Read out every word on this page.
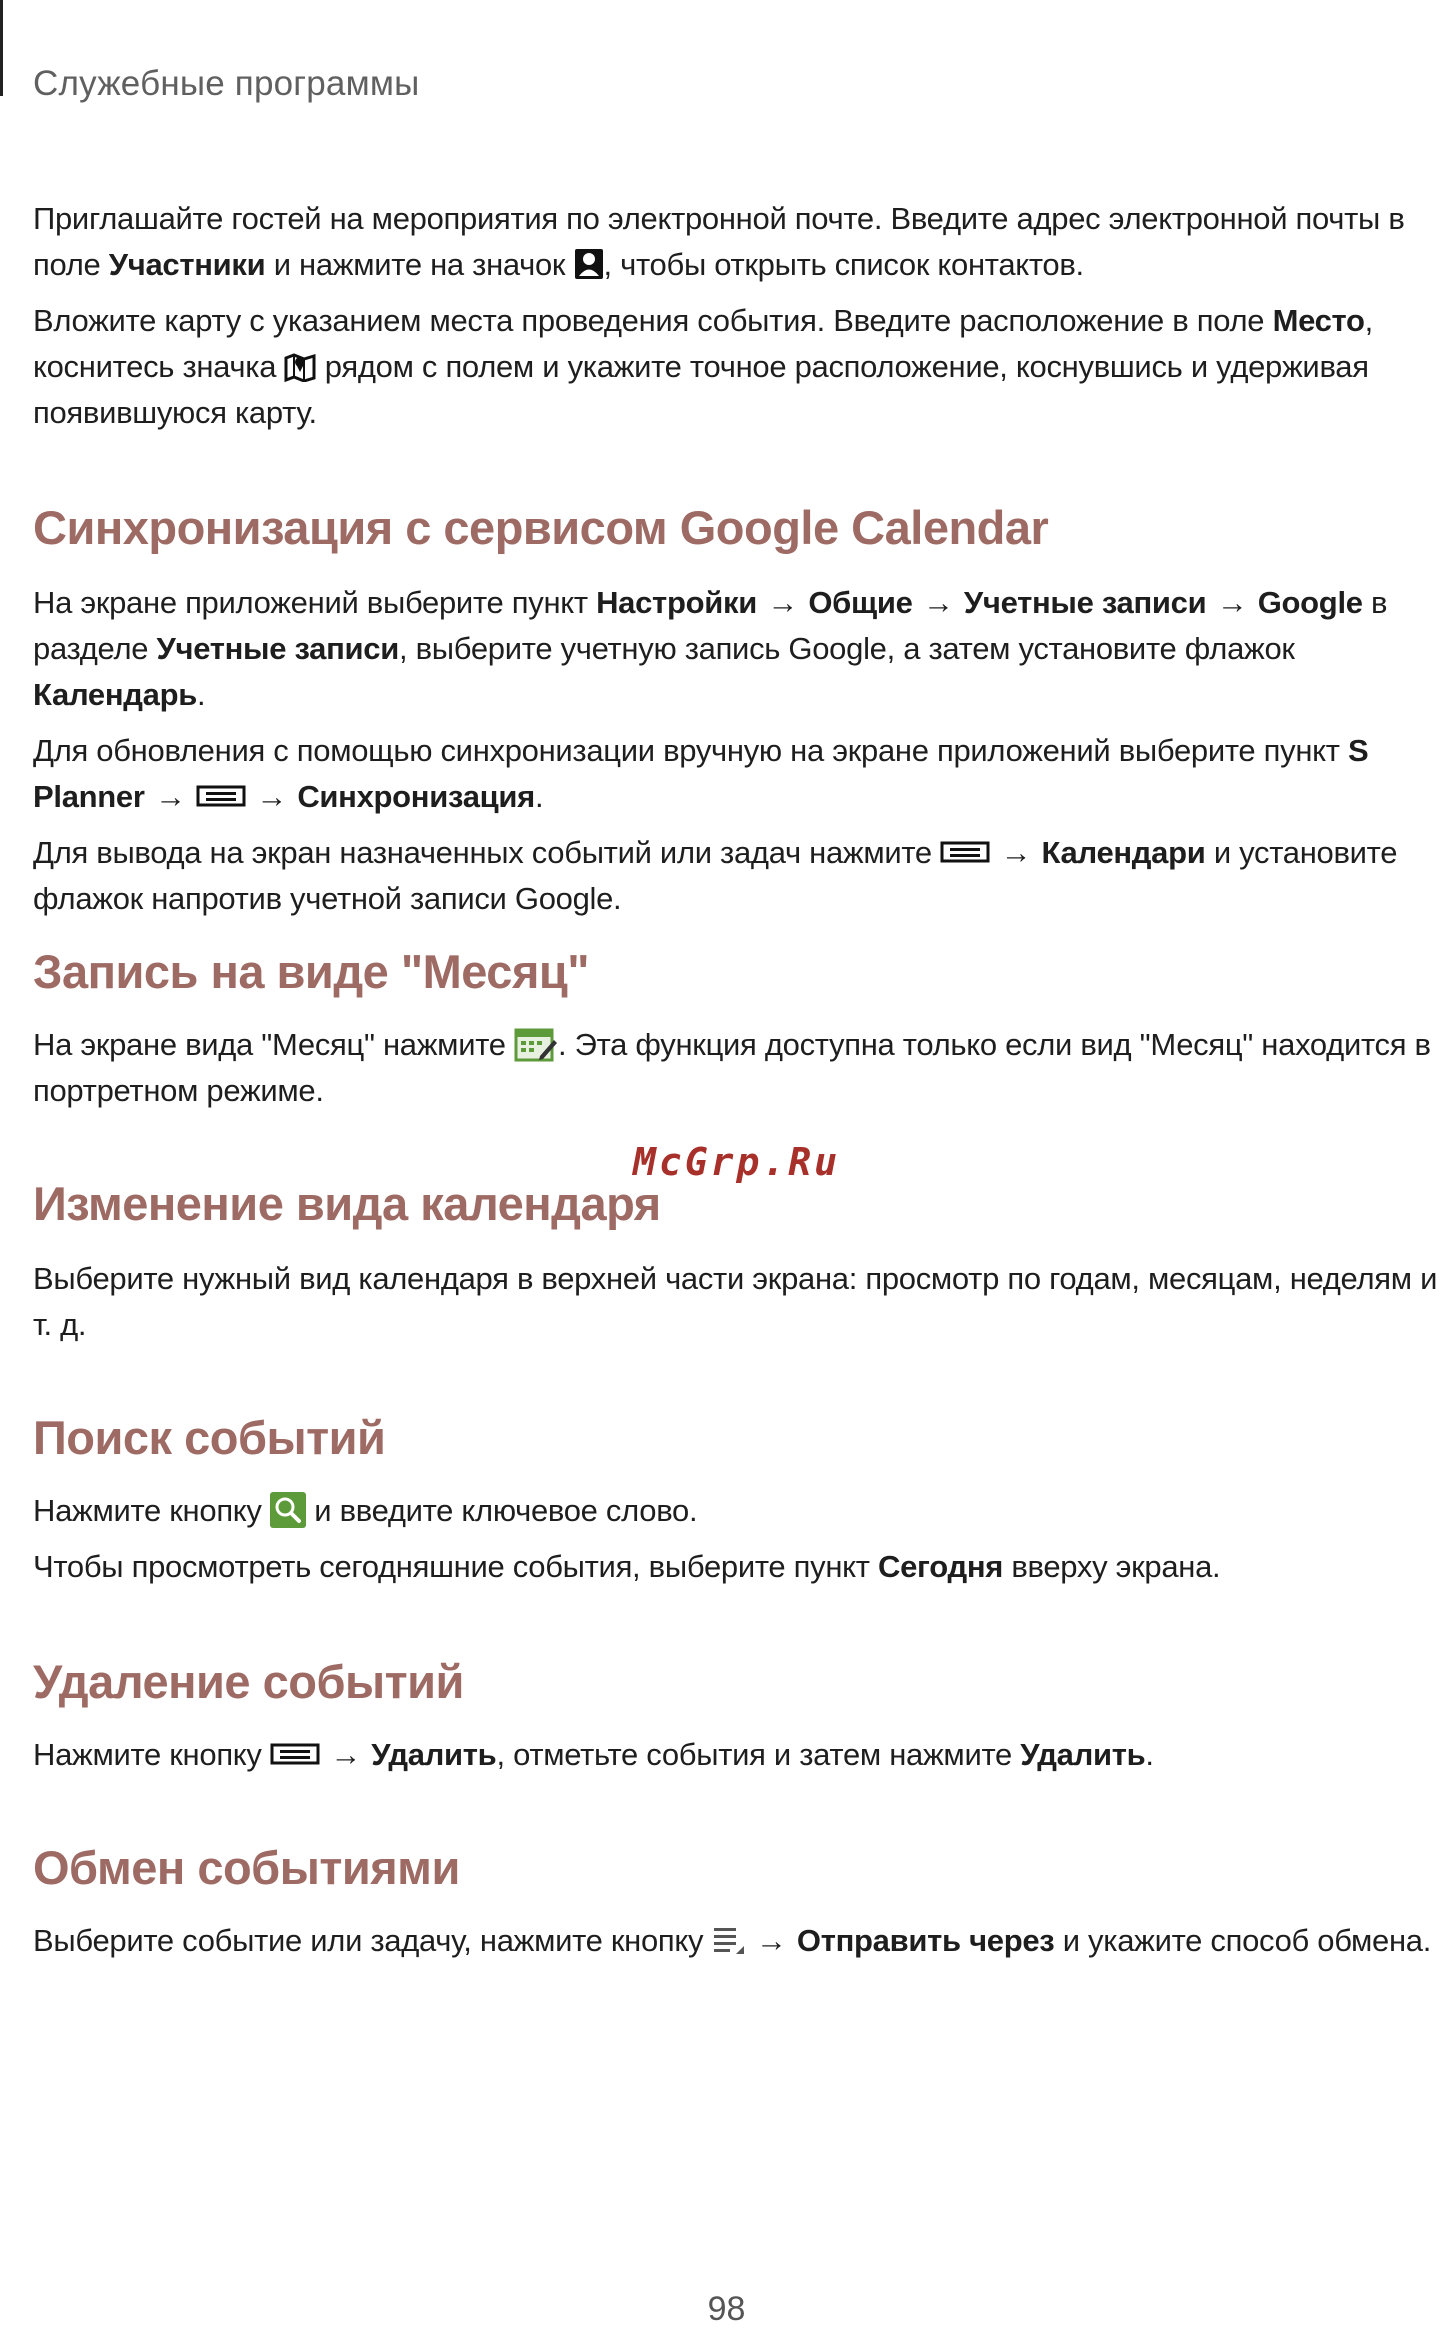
Служебные программы

Приглашайте гостей на мероприятия по электронной почте. Введите адрес электронной почты в поле Участники и нажмите на значок , чтобы открыть список контактов.

Вложите карту с указанием места проведения события. Введите расположение в поле Место, коснитесь значка  рядом с полем и укажите точное расположение, коснувшись и удерживая появившуюся карту.

Синхронизация с сервисом Google Calendar

На экране приложений выберите пункт Настройки → Общие → Учетные записи → Google в разделе Учетные записи, выберите учетную запись Google, а затем установите флажок Календарь.

Для обновления с помощью синхронизации вручную на экране приложений выберите пункт S Planner → → Синхронизация.

Для вывода на экран назначенных событий или задач нажмите  → Календари и установите флажок напротив учетной записи Google.

Запись на виде "Месяц"

На экране вида "Месяц" нажмите . Эта функция доступна только если вид "Месяц" находится в портретном режиме.

McGrp.Ru
Изменение вида календаря

Выберите нужный вид календаря в верхней части экрана: просмотр по годам, месяцам, неделям и т. д.

Поиск событий

Нажмите кнопку  и введите ключевое слово.

Чтобы просмотреть сегодняшние события, выберите пункт Сегодня вверху экрана.

Удаление событий

Нажмите кнопку  → Удалить, отметьте события и затем нажмите Удалить.

Обмен событиями

Выберите событие или задачу, нажмите кнопку  → Отправить через и укажите способ обмена.

98
